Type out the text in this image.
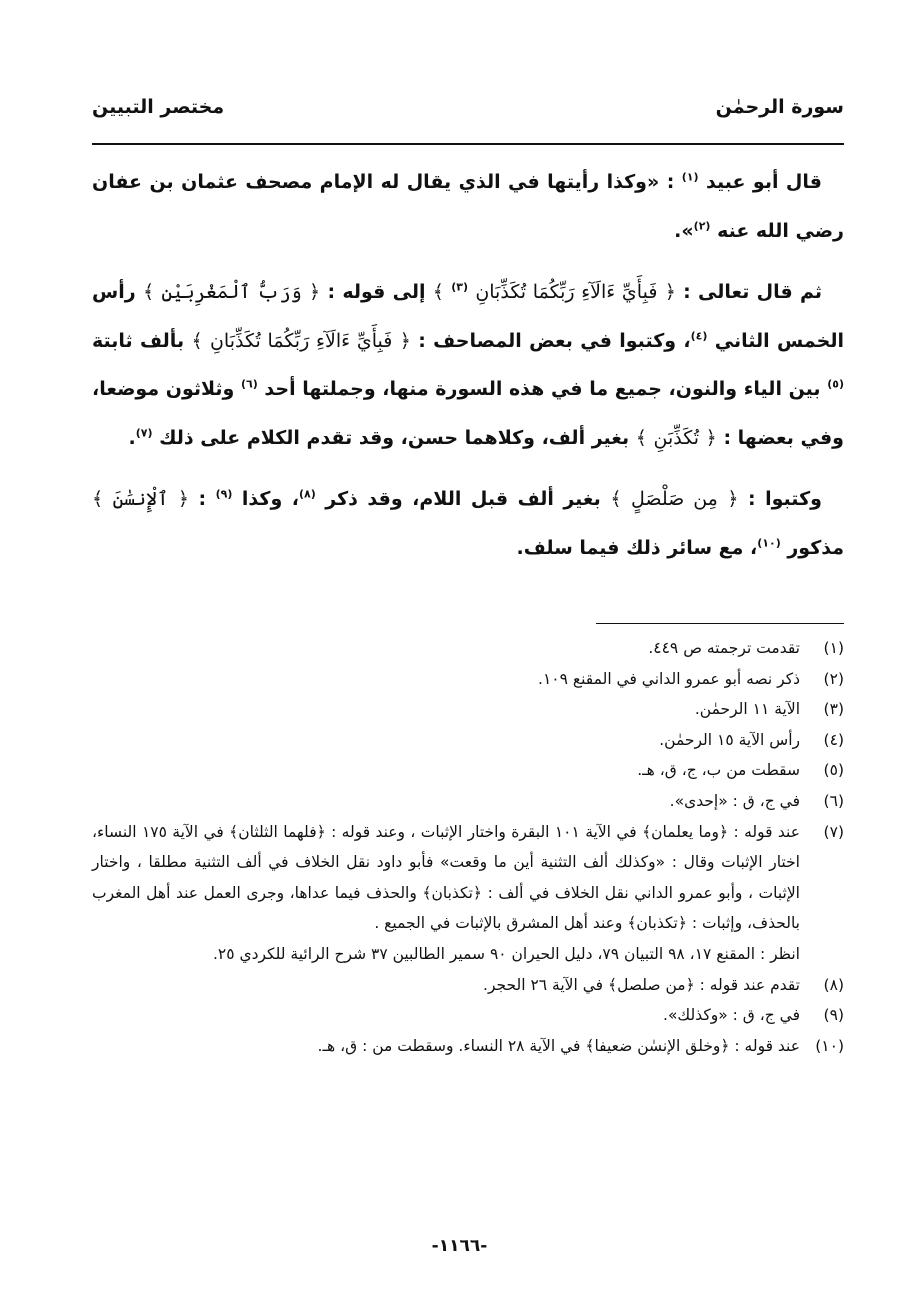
سورة الرحمٰن
مختصر التبيين

قال أبو عبيد $^{(١)}$ : «وكذا رأيتها في الذي يقال له الإمام مصحف عثمان بن عفان رضي الله عنه $^{(٢)}$».

ثم قال تعالى : ﴿ فَبِأَيِّ ءَالَآءِ رَبِّكُمَا تُكَذِّبَانِ $^{(٣)}$ ﴾ إلى قوله : ﴿ وَرَبُّ ٱلْمَغْرِبَيْنِ ﴾ رأس الخمس الثاني $^{(٤)}$، وكتبوا في بعض المصاحف : ﴿ فَبِأَيِّ ءَالَآءِ رَبِّكُمَا تُكَذِّبَانِ ﴾ بألف ثابتة $^{(٥)}$ بين الياء والنون، جميع ما في هذه السورة منها، وجملتها أحد $^{(٦)}$ وثلاثون موضعا، وفي بعضها : ﴿ تُكَذِّبَنِ ﴾ بغير ألف، وكلاهما حسن، وقد تقدم الكلام على ذلك $^{(٧)}$.

وكتبوا : ﴿ مِن صَلْصَلٍ ﴾ بغير ألف قبل اللام، وقد ذكر $^{(٨)}$، وكذا $^{(٩)}$ : ﴿ ٱلْإِنسَٰنَ ﴾ مذكور $^{(١٠)}$، مع سائر ذلك فيما سلف.

(١)
تقدمت ترجمته ص ٤٤٩.
(٢)
ذكر نصه أبو عمرو الداني في المقنع ١٠٩.
(٣)
الآية ١١ الرحمٰن.
(٤)
رأس الآية ١٥ الرحمٰن.
(٥)
سقطت من ب، ج، ق، هـ.
(٦)
في ج، ق : «إحدى».
(٧)
عند قوله : ﴿وما يعلمان﴾ في الآية ١٠١ البقرة واختار الإثبات ، وعند قوله : ﴿فلهما الثلثان﴾ في الآية ١٧٥ النساء، اختار الإثبات وقال : «وكذلك ألف التثنية أين ما وقعت» فأبو داود نقل الخلاف في ألف التثنية مطلقا ، واختار الإثبات ، وأبو عمرو الداني نقل الخلاف في ألف : ﴿تكذبان﴾ والحذف فيما عداها، وجرى العمل عند أهل المغرب بالحذف، وإثبات : ﴿تكذبان﴾ وعند أهل المشرق بالإثبات في الجميع .
انظر : المقنع ١٧، ٩٨ التبيان ٧٩، دليل الحيران ٩٠ سمير الطالبين ٣٧ شرح الرائية للكردي ٢٥.
(٨)
تقدم عند قوله : ﴿من صلصل﴾ في الآية ٢٦ الحجر.
(٩)
في ج، ق : «وكذلك».
(١٠)
عند قوله : ﴿وخلق الإنسٰن ضعيفا﴾ في الآية ٢٨ النساء. وسقطت من : ق، هـ.
-١١٦٦-
